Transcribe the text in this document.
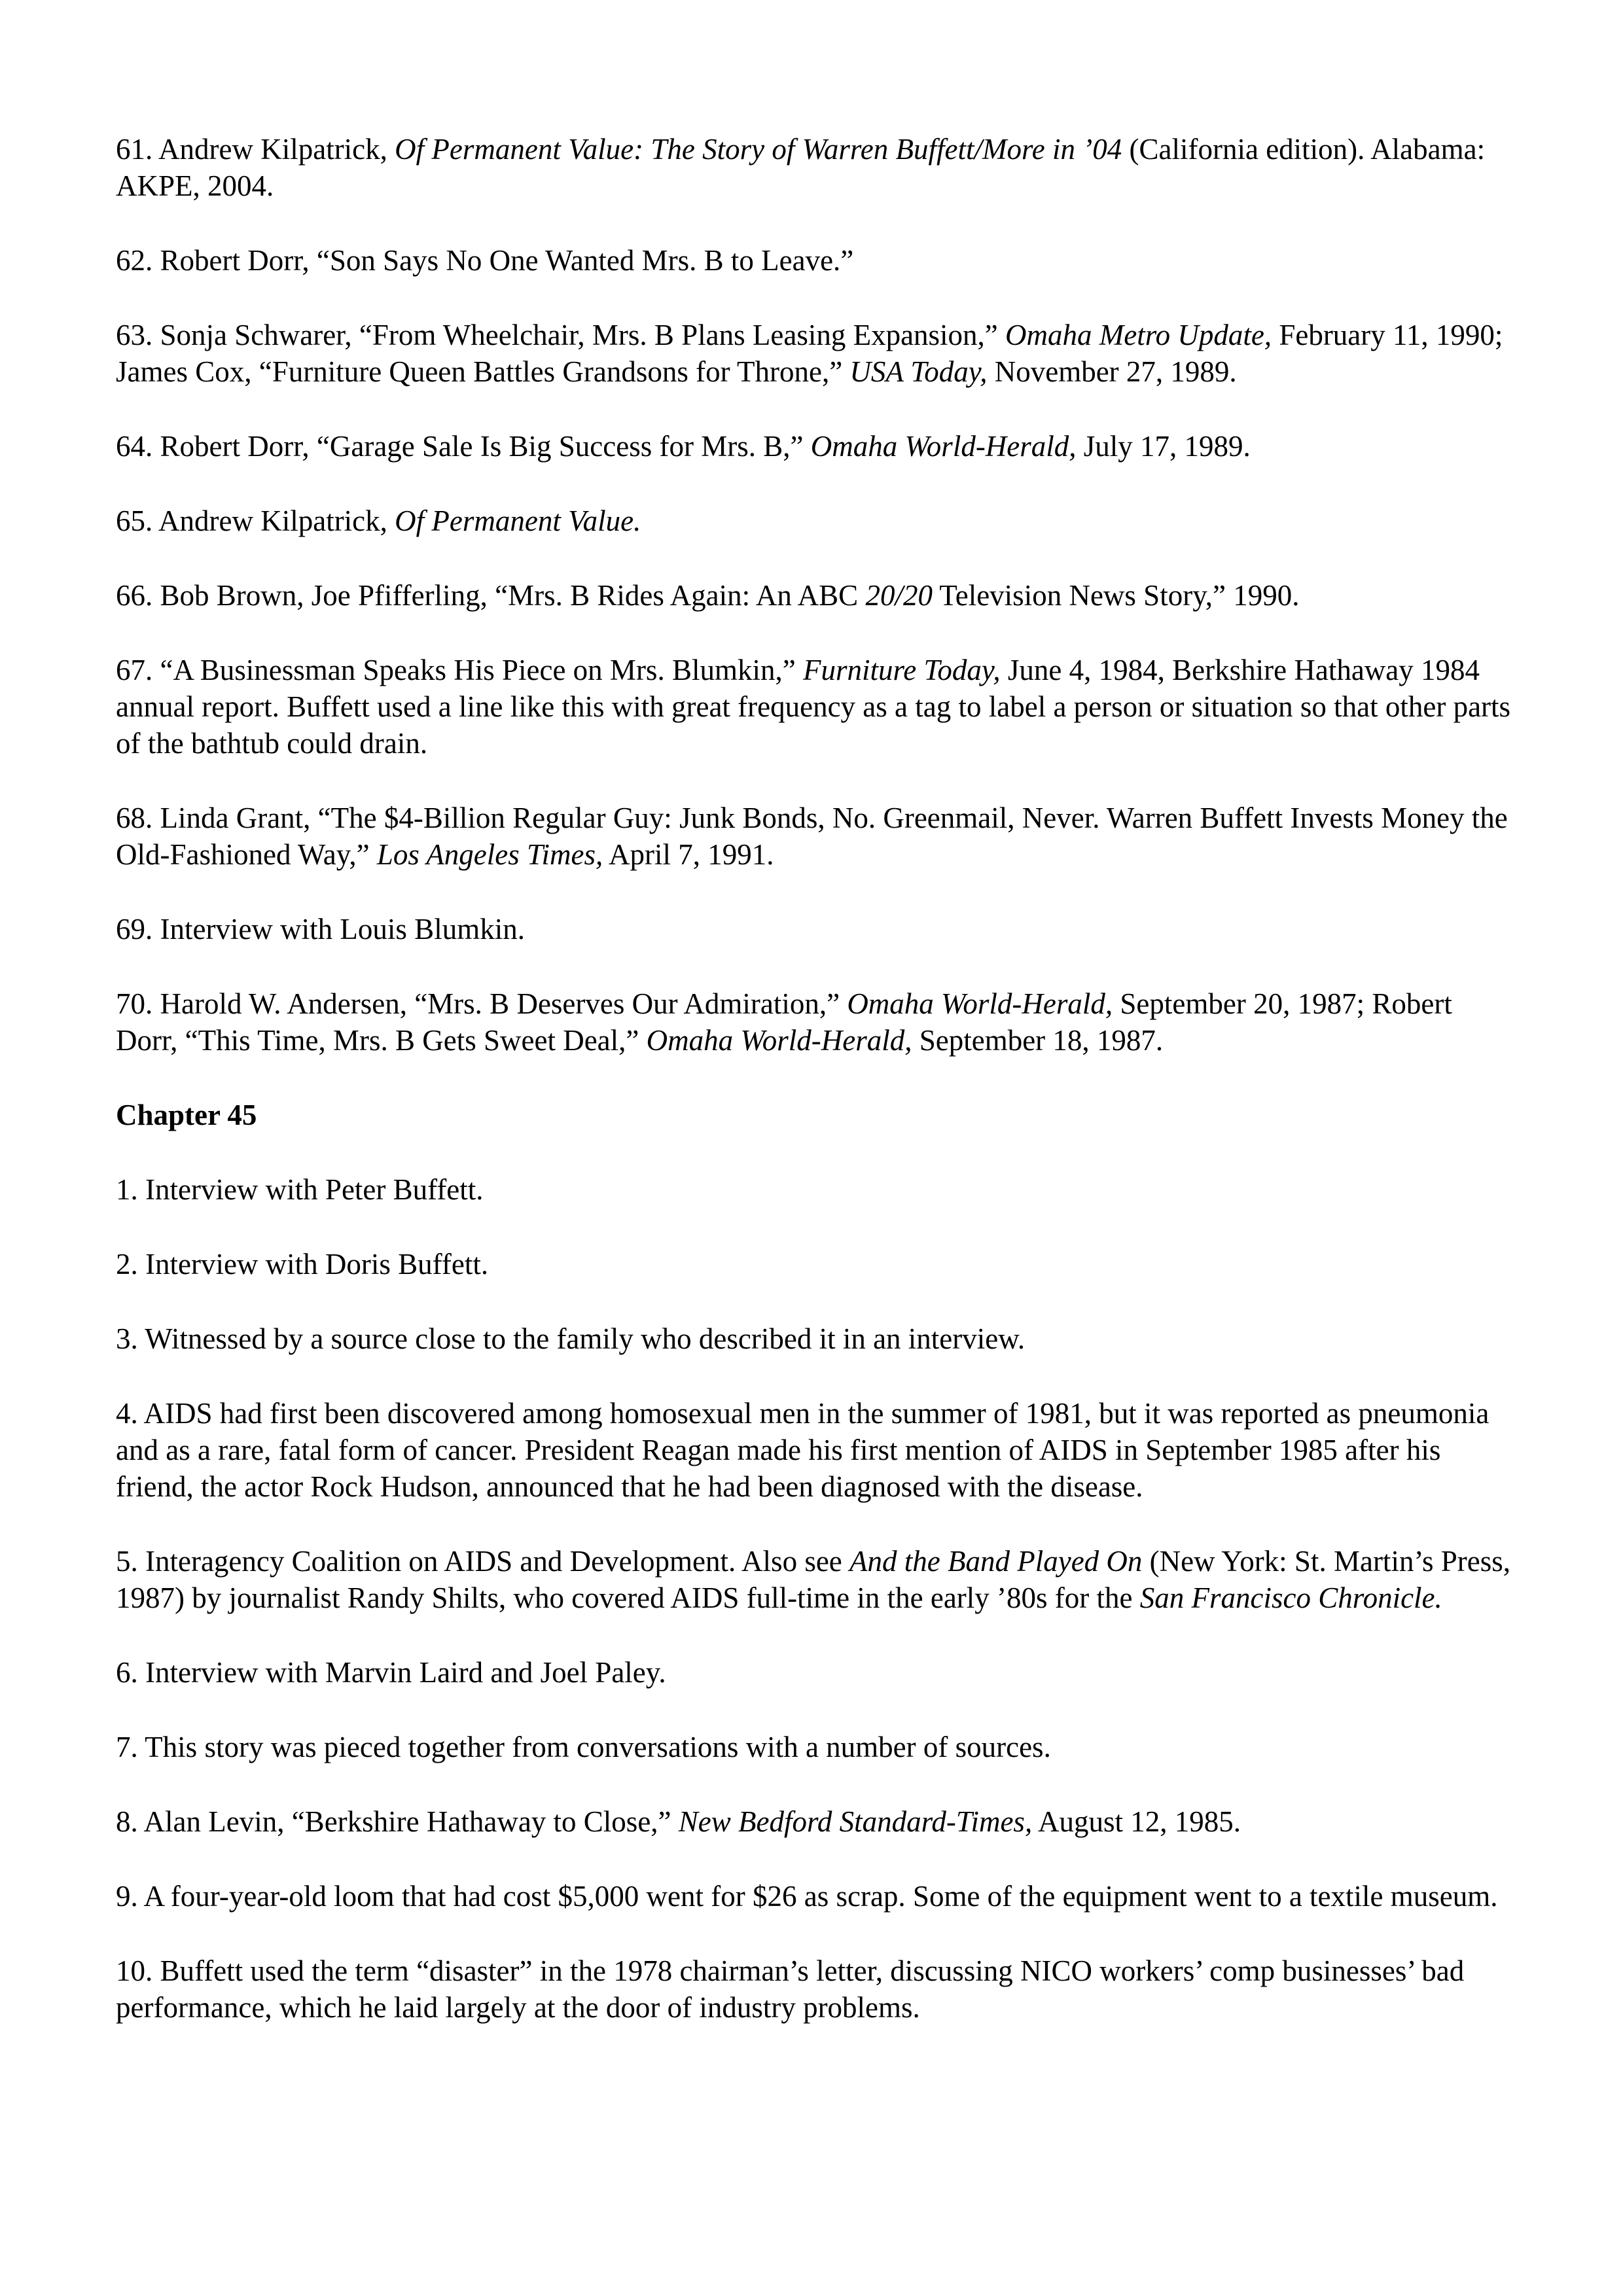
61. Andrew Kilpatrick, Of Permanent Value: The Story of Warren Buffett/More in ’04 (California edition). Alabama: AKPE, 2004.

62. Robert Dorr, “Son Says No One Wanted Mrs. B to Leave.”

63. Sonja Schwarer, “From Wheelchair, Mrs. B Plans Leasing Expansion,” Omaha Metro Update, February 11, 1990; James Cox, “Furniture Queen Battles Grandsons for Throne,” USA Today, November 27, 1989.

64. Robert Dorr, “Garage Sale Is Big Success for Mrs. B,” Omaha World-Herald, July 17, 1989.

65. Andrew Kilpatrick, Of Permanent Value.

66. Bob Brown, Joe Pfifferling, “Mrs. B Rides Again: An ABC 20/20 Television News Story,” 1990.

67. “A Businessman Speaks His Piece on Mrs. Blumkin,” Furniture Today, June 4, 1984, Berkshire Hathaway 1984 annual report. Buffett used a line like this with great frequency as a tag to label a person or situation so that other parts of the bathtub could drain.

68. Linda Grant, “The $4-Billion Regular Guy: Junk Bonds, No. Greenmail, Never. Warren Buffett Invests Money the Old-Fashioned Way,” Los Angeles Times, April 7, 1991.

69. Interview with Louis Blumkin.

70. Harold W. Andersen, “Mrs. B Deserves Our Admiration,” Omaha World-Herald, September 20, 1987; Robert Dorr, “This Time, Mrs. B Gets Sweet Deal,” Omaha World-Herald, September 18, 1987.

Chapter 45

1. Interview with Peter Buffett.

2. Interview with Doris Buffett.

3. Witnessed by a source close to the family who described it in an interview.

4. AIDS had first been discovered among homosexual men in the summer of 1981, but it was reported as pneumonia and as a rare, fatal form of cancer. President Reagan made his first mention of AIDS in September 1985 after his friend, the actor Rock Hudson, announced that he had been diagnosed with the disease.

5. Interagency Coalition on AIDS and Development. Also see And the Band Played On (New York: St. Martin’s Press, 1987) by journalist Randy Shilts, who covered AIDS full-time in the early ’80s for the San Francisco Chronicle.

6. Interview with Marvin Laird and Joel Paley.

7. This story was pieced together from conversations with a number of sources.

8. Alan Levin, “Berkshire Hathaway to Close,” New Bedford Standard-Times, August 12, 1985.

9. A four-year-old loom that had cost $5,000 went for $26 as scrap. Some of the equipment went to a textile museum.

10. Buffett used the term “disaster” in the 1978 chairman’s letter, discussing NICO workers’ comp businesses’ bad performance, which he laid largely at the door of industry problems.
